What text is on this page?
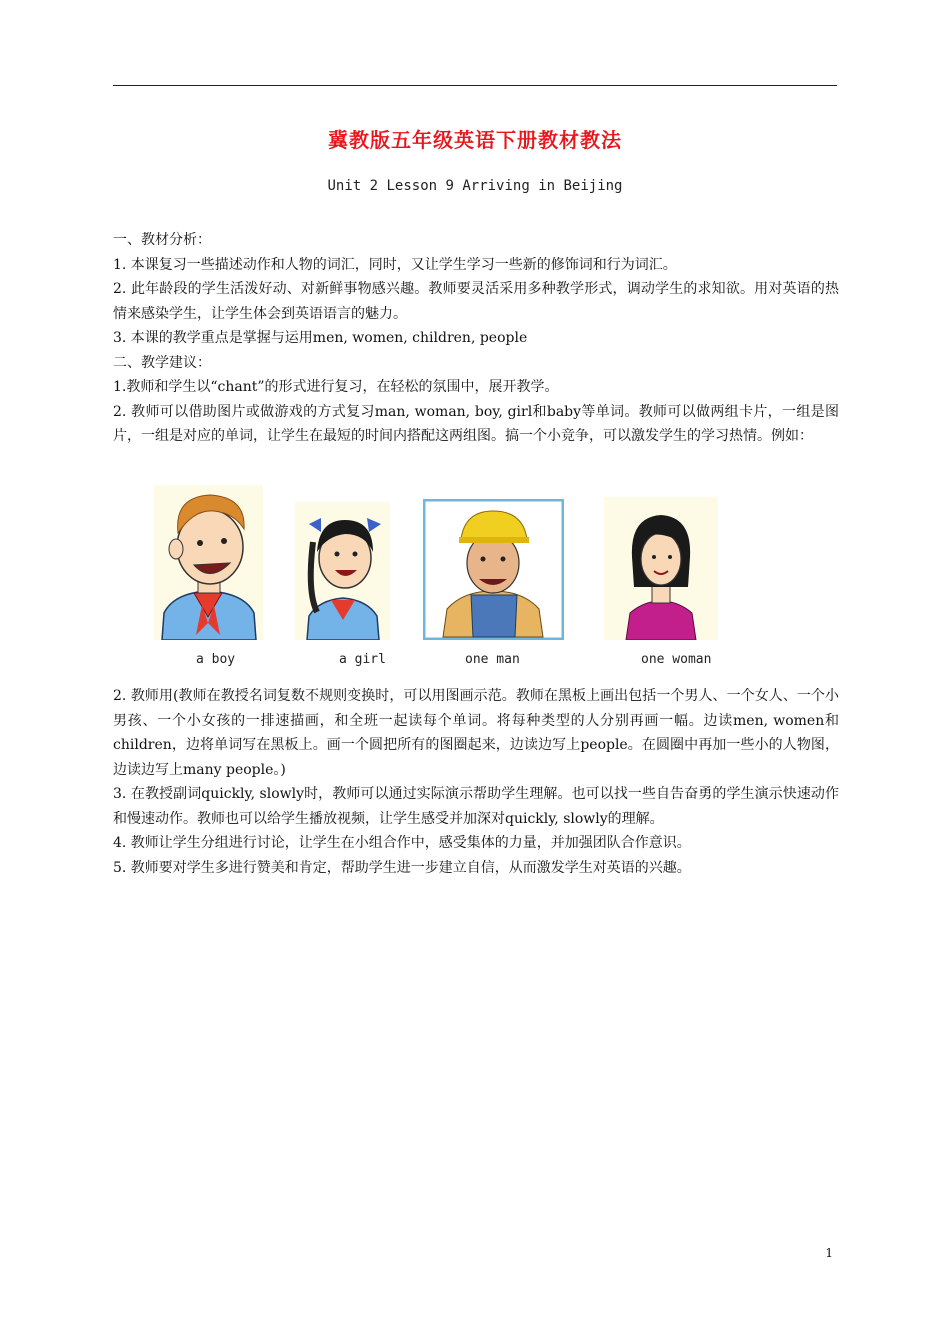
冀教版五年级英语下册教材教法
Unit 2 Lesson 9 Arriving in Beijing

一、教材分析：

1. 本课复习一些描述动作和人物的词汇，同时，又让学生学习一些新的修饰词和行为词汇。

2. 此年龄段的学生活泼好动、对新鲜事物感兴趣。教师要灵活采用多种教学形式，调动学生的求知欲。用对英语的热情来感染学生，让学生体会到英语语言的魅力。

3. 本课的教学重点是掌握与运用men, women, children, people

二、教学建议：

1.教师和学生以“chant”的形式进行复习，在轻松的氛围中，展开教学。

2. 教师可以借助图片或做游戏的方式复习man, woman, boy, girl和baby等单词。教师可以做两组卡片，一组是图片，一组是对应的单词，让学生在最短的时间内搭配这两组图。搞一个小竞争，可以激发学生的学习热情。例如：

a boy	a girl	one man	one woman

2. 教师用(教师在教授名词复数不规则变换时，可以用图画示范。教师在黑板上画出包括一个男人、一个女人、一个小男孩、一个小女孩的一排速描画，和全班一起读每个单词。将每种类型的人分别再画一幅。边读men, women和children，边将单词写在黑板上。画一个圆把所有的图圈起来，边读边写上people。在圆圈中再加一些小的人物图，边读边写上many people。)

3. 在教授副词quickly, slowly时，教师可以通过实际演示帮助学生理解。也可以找一些自告奋勇的学生演示快速动作和慢速动作。教师也可以给学生播放视频，让学生感受并加深对quickly, slowly的理解。

4. 教师让学生分组进行讨论，让学生在小组合作中，感受集体的力量，并加强团队合作意识。

5. 教师要对学生多进行赞美和肯定，帮助学生进一步建立自信，从而激发学生对英语的兴趣。

1
